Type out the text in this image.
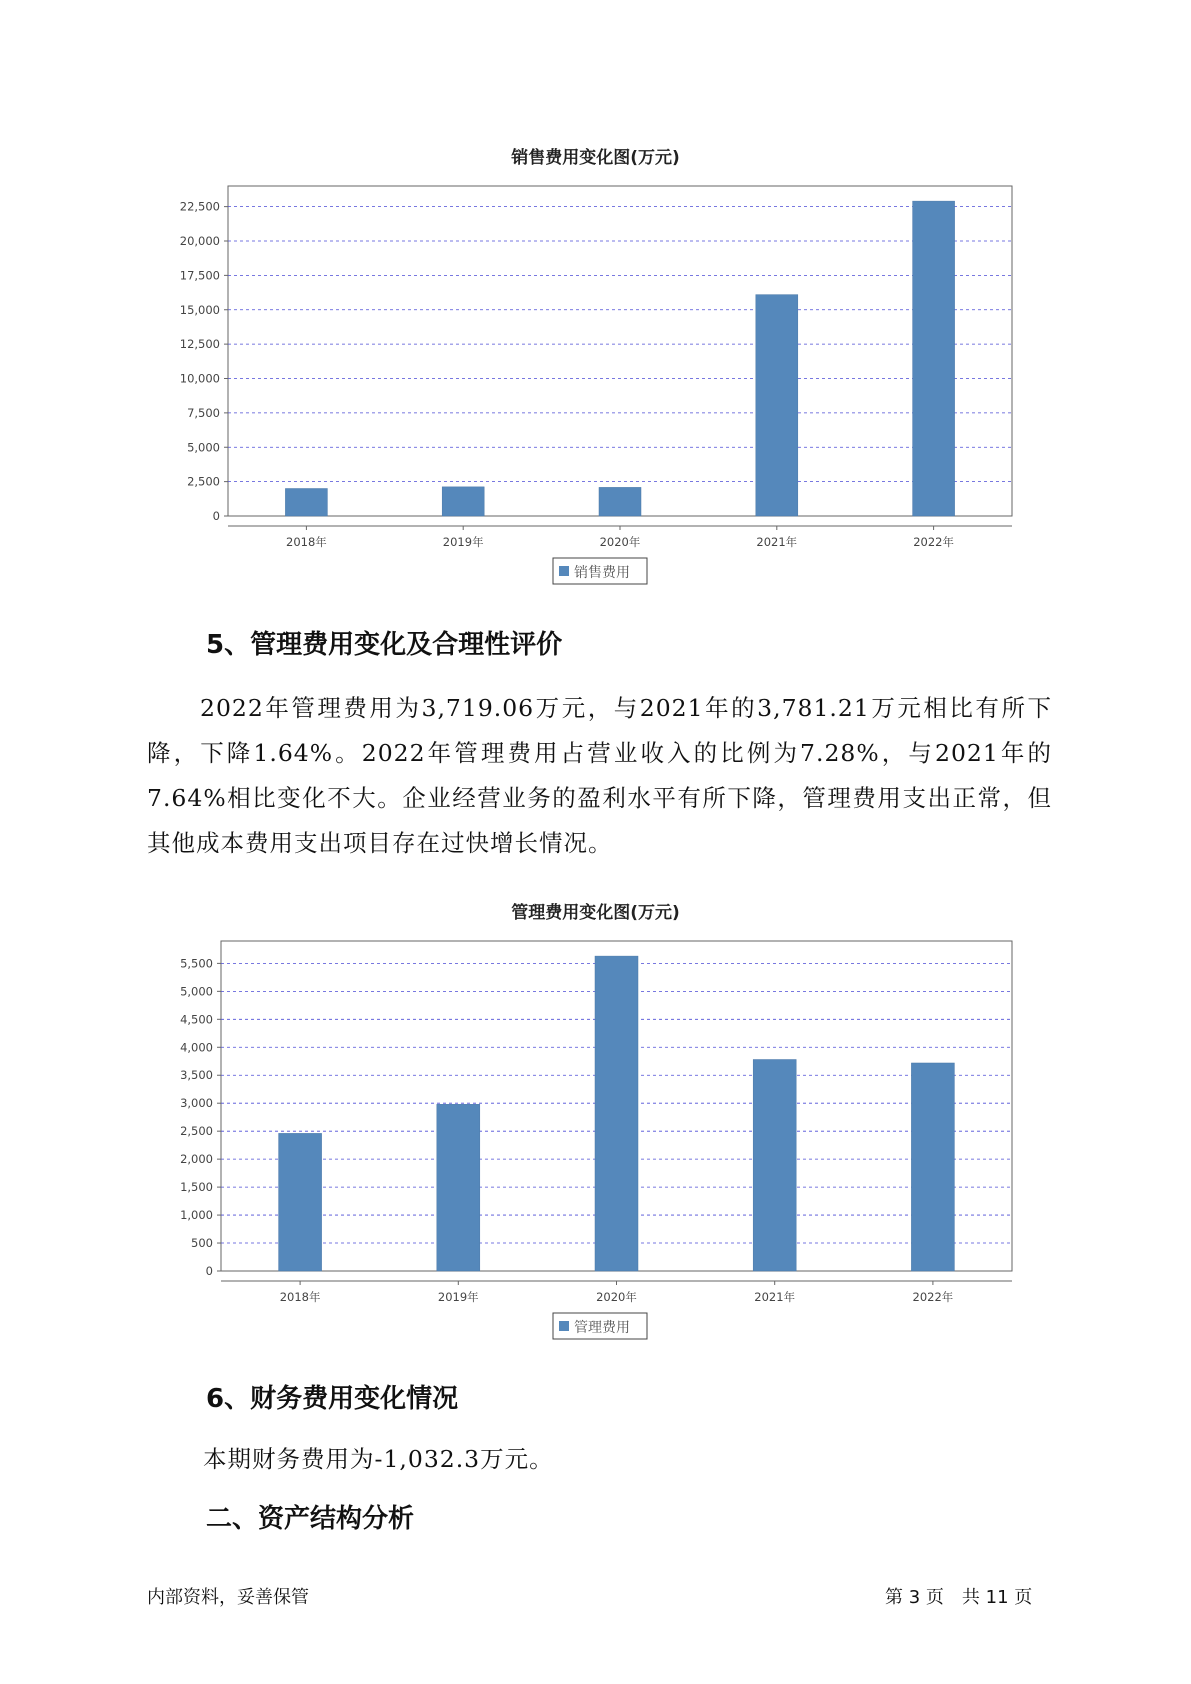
销售费用变化图(万元)
0
2,500
5,000
7,500
10,000
12,500
15,000
17,500
20,000
22,500
2018年	2019年	2020年	2021年	2022年
销售费用
5、管理费用变化及合理性评价
2022年管理费用为3,719.06万元，与2021年的3,781.21万元相比有所下降，下降1.64%。2022年管理费用占营业收入的比例为7.28%，与2021年的7.64%相比变化不大。企业经营业务的盈利水平有所下降，管理费用支出正常，但其他成本费用支出项目存在过快增长情况。
管理费用变化图(万元)
0
500
1,000
1,500
2,000
2,500
3,000
3,500
4,000
4,500
5,000
5,500
2018年	2019年	2020年	2021年	2022年
管理费用
6、财务费用变化情况
本期财务费用为-1,032.3万元。
二、资产结构分析
内部资料，妥善保管	第 3 页　共 11 页
